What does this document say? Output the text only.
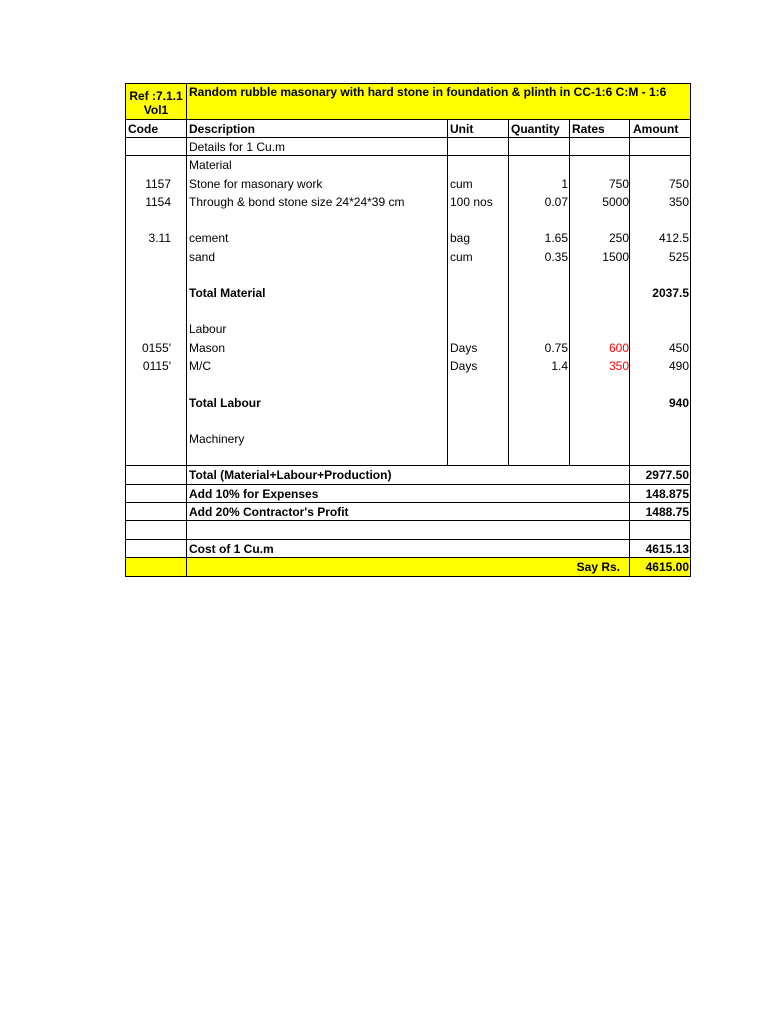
Ref :7.1.1
Vol1
Random rubble masonary with hard stone in foundation & plinth in CC-1:6 C:M - 1:6
Code	Description	Unit	Quantity	Rates	Amount
Details for 1 Cu.m
Material
1157 Stone for masonary work	cum	1	750	750
1154 Through & bond stone size 24*24*39 cm	100 nos	0.07	5000	350
3.11 cement	bag	1.65	250	412.5
sand	cum	0.35	1500	525
Total Material	2037.5
Labour
0155' Mason	Days	0.75	600	450
0115' M/C	Days	1.4	350	490
Total Labour	940
Machinery
Total (Material+Labour+Production)	2977.50
Add 10% for Expenses	148.875
Add 20% Contractor's Profit	1488.75
Cost of 1 Cu.m	4615.13
Say Rs.	4615.00
